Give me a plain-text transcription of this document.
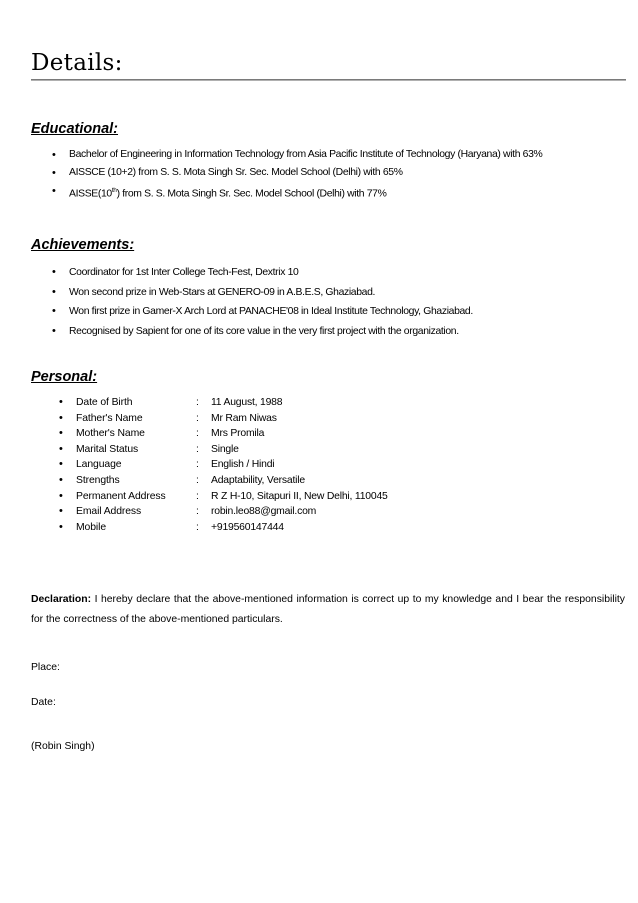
Details:
Educational:
• Bachelor of Engineering in Information Technology from Asia Pacific Institute of Technology (Haryana) with 63%
• AISSCE (10+2) from S. S. Mota Singh Sr. Sec. Model School (Delhi) with 65%
• AISSE(10th) from S. S. Mota Singh Sr. Sec. Model School (Delhi) with 77%
Achievements:
• Coordinator for 1st Inter College Tech-Fest, Dextrix 10
• Won second prize in Web-Stars at GENERO-09 in A.B.E.S, Ghaziabad.
• Won first prize in Gamer-X Arch Lord at PANACHE'08 in Ideal Institute Technology, Ghaziabad.
• Recognised by Sapient for one of its core value in the very first project with the organization.
Personal:
• Date of Birth	: 11 August, 1988
• Father's Name	: Mr Ram Niwas
• Mother's Name	: Mrs Promila
• Marital Status	: Single
• Language	: English / Hindi
• Strengths	: Adaptability, Versatile
• Permanent Address	: R Z H-10, Sitapuri II, New Delhi, 110045
• Email Address	: robin.leo88@gmail.com
• Mobile	: +919560147444
Declaration: I hereby declare that the above-mentioned information is correct up to my knowledge and I bear the responsibility for the correctness of the above-mentioned particulars.
Place:
Date:
(Robin Singh)
